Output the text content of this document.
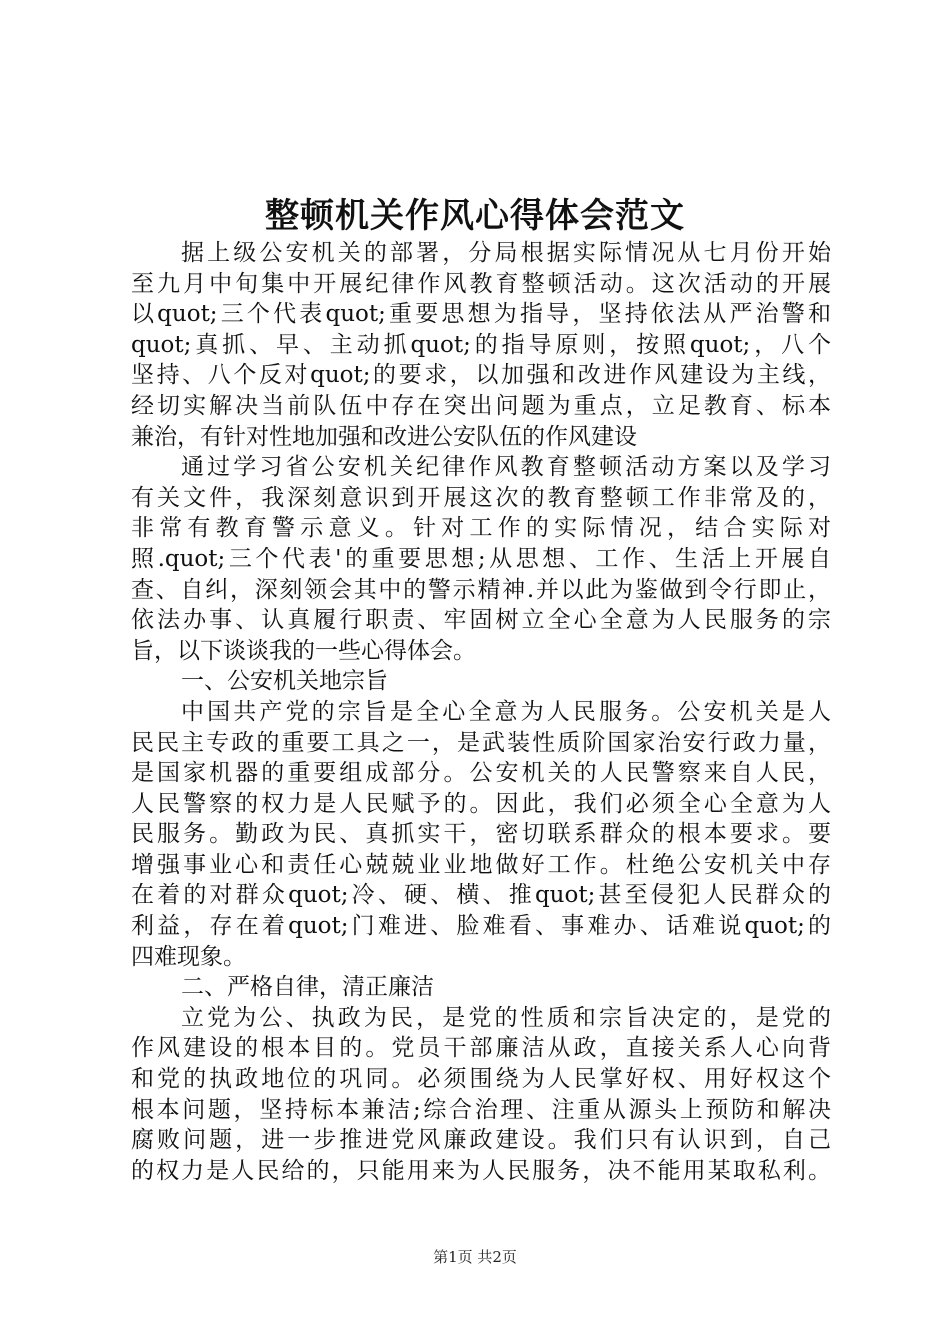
整顿机关作风心得体会范文
据上级公安机关的部署，分局根据实际情况从七月份开始
至九月中旬集中开展纪律作风教育整顿活动。这次活动的开展
以quot;三个代表quot;重要思想为指导，坚持依法从严治警和
quot;真抓、早、主动抓quot;的指导原则，按照quot;，八个
坚持、八个反对quot;的要求，以加强和改进作风建设为主线，
经切实解决当前队伍中存在突出问题为重点，立足教育、标本
兼治，有针对性地加强和改进公安队伍的作风建设
通过学习省公安机关纪律作风教育整顿活动方案以及学习
有关文件，我深刻意识到开展这次的教育整顿工作非常及的，
非常有教育警示意义。针对工作的实际情况，结合实际对
照.quot;三个代表'的重要思想;从思想、工作、生活上开展自
查、自纠，深刻领会其中的警示精神.并以此为鉴做到令行即止，
依法办事、认真履行职责、牢固树立全心全意为人民服务的宗
旨，以下谈谈我的一些心得体会。
一、公安机关地宗旨
中国共产党的宗旨是全心全意为人民服务。公安机关是人
民民主专政的重要工具之一，是武装性质阶国家治安行政力量，
是国家机器的重要组成部分。公安机关的人民警察来自人民，
人民警察的权力是人民赋予的。因此，我们必须全心全意为人
民服务。勤政为民、真抓实干，密切联系群众的根本要求。要
增强事业心和责任心兢兢业业地做好工作。杜绝公安机关中存
在着的对群众quot;冷、硬、横、推quot;甚至侵犯人民群众的
利益，存在着quot;门难进、脸难看、事难办、话难说quot;的
四难现象。
二、严格自律，清正廉洁
立党为公、执政为民，是党的性质和宗旨决定的，是党的
作风建设的根本目的。党员干部廉洁从政，直接关系人心向背
和党的执政地位的巩同。必须围绕为人民掌好权、用好权这个
根本问题，坚持标本兼洁;综合治理、注重从源头上预防和解决
腐败问题，进一步推进党风廉政建设。我们只有认识到，自己
的权力是人民给的，只能用来为人民服务，决不能用某取私利。
第1页 共2页
